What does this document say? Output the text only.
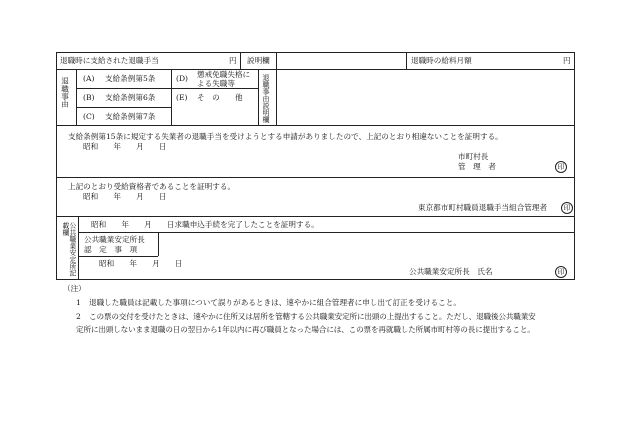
退職時に支給された退職手当	円 説明欄	退職時の給料月額	円
退職事由 (A) 支給条例第5条
(B) 支給条例第6条
(C) 支給条例第7条
(D) 懲戒免職失格に
よる失職等
(E) そ　の　　他	退職事由説明欄
支給条例第15条に規定する失業者の退職手当を受けようとする申請がありましたので、上記のとおり相違ないことを証明する。
昭和　　年　　月　　日
市町村長
管　理　者	印
上記のとおり受給資格者であることを証明する。
昭和　　年　　月　　日
東京都市町村職員退職手当組合管理者	印
公共職業安定所記載欄	昭和　　年　　月　　日求職申込手続を完了したことを証明する。
公共職業安定所長
認　定　事　項
昭和　　年　　月　　日
公共職業安定所長　氏名	印
（注）
1 退職した職員は記載した事項について誤りがあるときは、速やかに組合管理者に申し出て訂正を受けること。
2 この票の交付を受けたときは、速やかに住所又は居所を管轄する公共職業安定所に出頭の上提出すること。ただし、退職後公共職業安
定所に出頭しないまま退職の日の翌日から1年以内に再び職員となった場合には、この票を再就職した所属市町村等の長に提出すること。
